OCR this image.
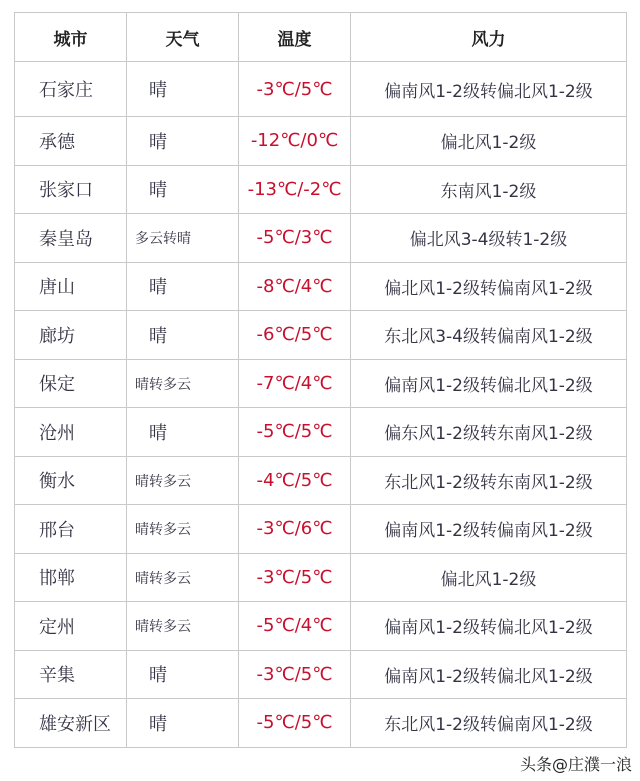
城市	天气	温度	风力
石家庄	晴	-3℃/5℃	偏南风1-2级转偏北风1-2级
承德	晴	-12℃/0℃	偏北风1-2级
张家口	晴	-13℃/-2℃	东南风1-2级
秦皇岛	多云转晴	-5℃/3℃	偏北风3-4级转1-2级
唐山	晴	-8℃/4℃	偏北风1-2级转偏南风1-2级
廊坊	晴	-6℃/5℃	东北风3-4级转偏南风1-2级
保定	晴转多云	-7℃/4℃	偏南风1-2级转偏北风1-2级
沧州	晴	-5℃/5℃	偏东风1-2级转东南风1-2级
衡水	晴转多云	-4℃/5℃	东北风1-2级转东南风1-2级
邢台	晴转多云	-3℃/6℃	偏南风1-2级转偏南风1-2级
邯郸	晴转多云	-3℃/5℃	偏北风1-2级
定州	晴转多云	-5℃/4℃	偏南风1-2级转偏北风1-2级
辛集	晴	-3℃/5℃	偏南风1-2级转偏北风1-2级
雄安新区	晴	-5℃/5℃	东北风1-2级转偏南风1-2级
头条@庄濮一浪
